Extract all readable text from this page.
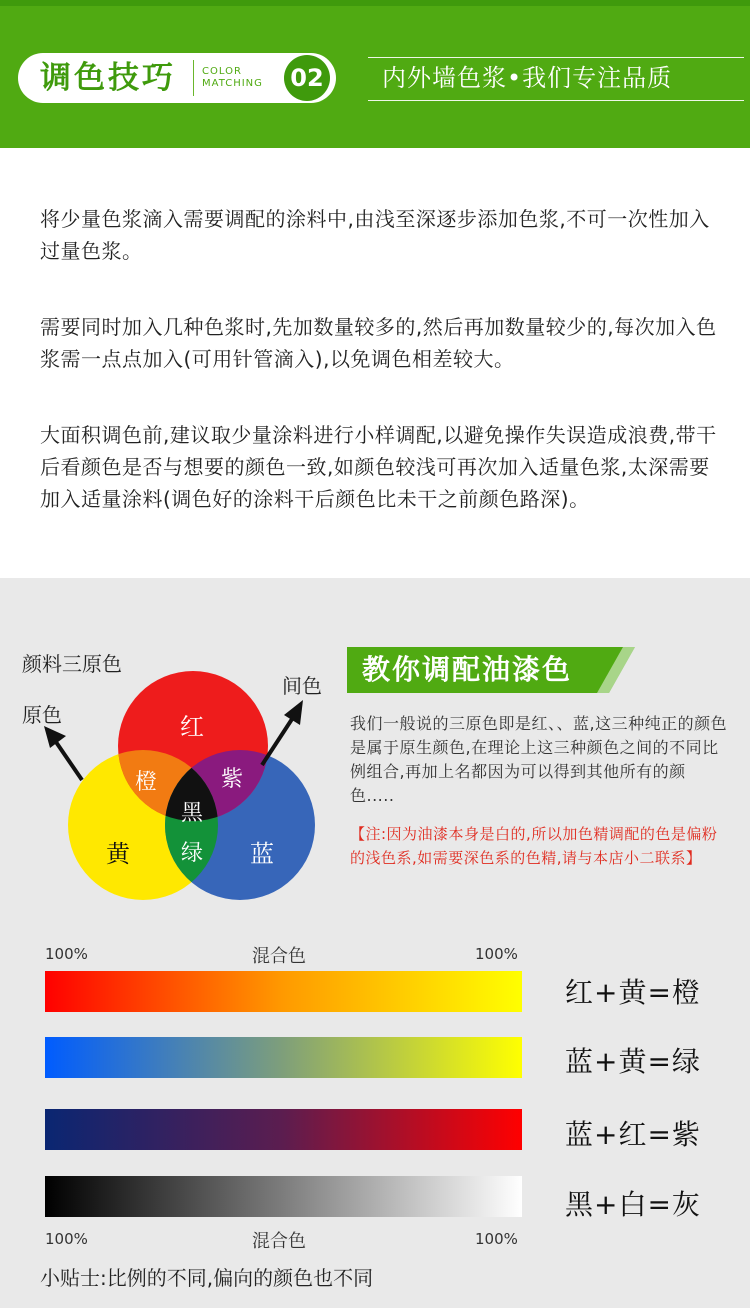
调色技巧	COLOR MATCHING	02 内外墙色浆•我们专注品质
将少量色浆滴入需要调配的涂料中,由浅至深逐步添加色浆,不可一次性加入过量色浆。
需要同时加入几种色浆时,先加数量较多的,然后再加数量较少的,每次加入色浆需一点点加入(可用针管滴入),以免调色相差较大。
大面积调色前,建议取少量涂料进行小样调配,以避免操作失误造成浪费,带干后看颜色是否与想要的颜色一致,如颜色较浅可再次加入适量色浆,太深需要加入适量涂料(调色好的涂料干后颜色比未干之前颜色路深)。
颜料三原色
原色
间色
红
橙	紫
黑
黄 绿 蓝
教你调配油漆色
我们一般说的三原色即是红、、蓝,这三种纯正的颜色是属于原生颜色,在理论上这三种颜色之间的不同比例组合,再加上名都因为可以得到其他所有的颜色.....
【注:因为油漆本身是白的,所以加色精调配的色是偏粉的浅色系,如需要深色系的色精,请与本店小二联系】
100%	混合色	100%
红+黄=橙
蓝+黄=绿
蓝+红=紫
黑+白=灰
100%	混合色	100%
小贴士:比例的不同,偏向的颜色也不同
